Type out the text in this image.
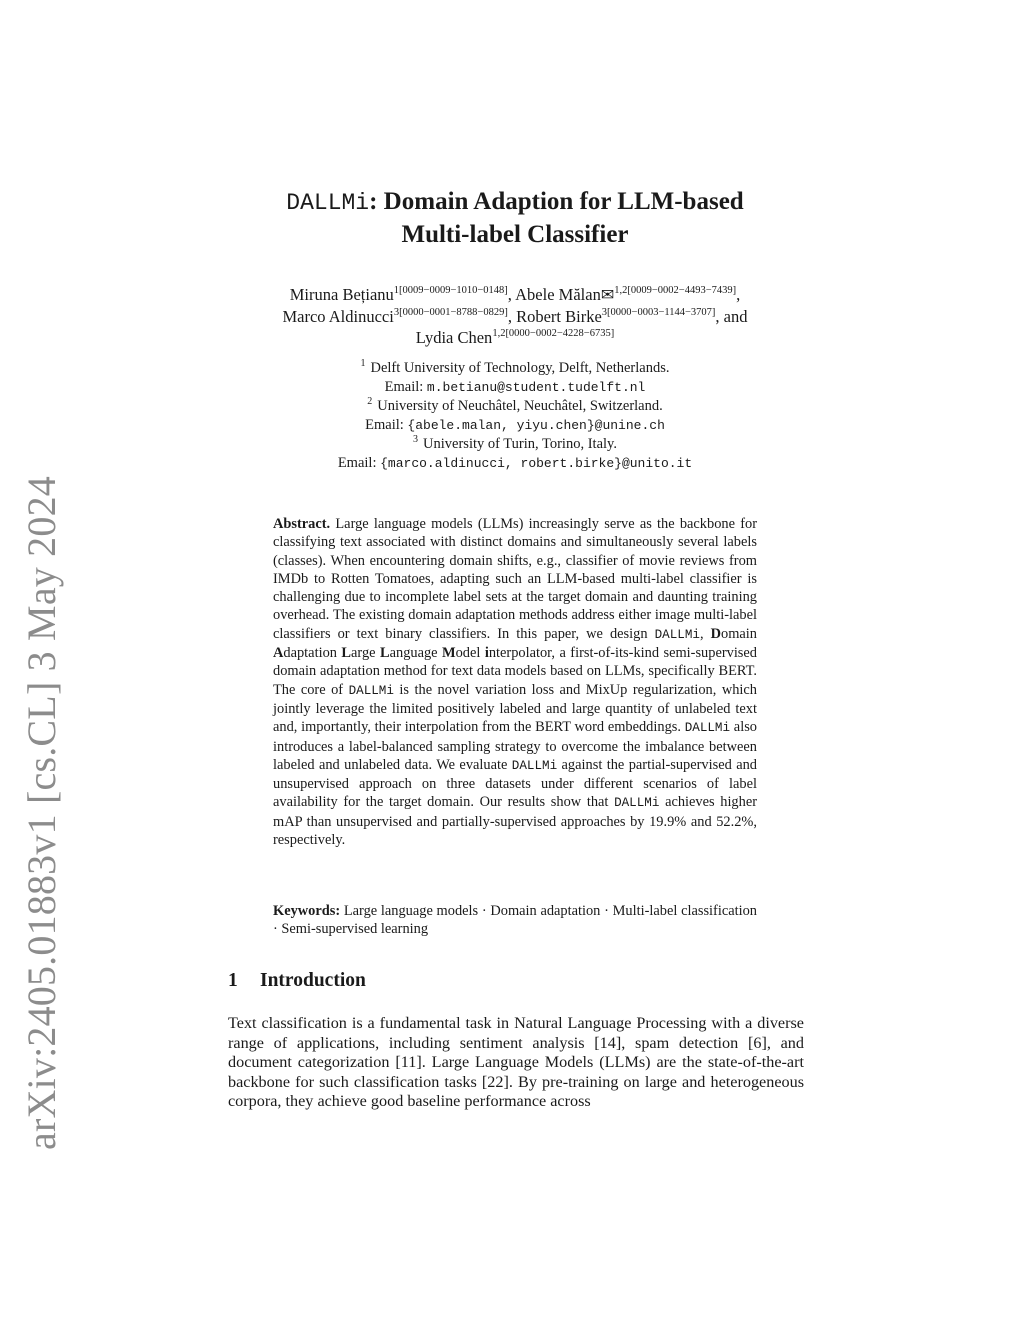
arXiv:2405.01883v1 [cs.CL] 3 May 2024
DALLMi: Domain Adaption for LLM-based
Multi-label Classifier
Miruna Bețianu$^{1[0009-0009-1010-0148]}$, Abele Mălan✉$^{1,2[0009-0002-4493-7439]}$,
Marco Aldinucci$^{3[0000-0001-8788-0829]}$, Robert Birke$^{3[0000-0003-1144-3707]}$, and
Lydia Chen$^{1,2[0000-0002-4228-6735]}$
$^1$ Delft University of Technology, Delft, Netherlands.
Email: m.betianu@student.tudelft.nl
$^2$ University of Neuchâtel, Neuchâtel, Switzerland.
Email: {abele.malan, yiyu.chen}@unine.ch
$^3$ University of Turin, Torino, Italy.
Email: {marco.aldinucci, robert.birke}@unito.it
Abstract. Large language models (LLMs) increasingly serve as the backbone for classifying text associated with distinct domains and simultaneously several labels (classes). When encountering domain shifts, e.g., classifier of movie reviews from IMDb to Rotten Tomatoes, adapting such an LLM-based multi-label classifier is challenging due to incomplete label sets at the target domain and daunting training overhead. The existing domain adaptation methods address either image multi-label classifiers or text binary classifiers. In this paper, we design DALLMi, Domain Adaptation Large Language Model interpolator, a first-of-its-kind semi-supervised domain adaptation method for text data models based on LLMs, specifically BERT. The core of DALLMi is the novel variation loss and MixUp regularization, which jointly leverage the limited positively labeled and large quantity of unlabeled text and, importantly, their interpolation from the BERT word embeddings. DALLMi also introduces a label-balanced sampling strategy to overcome the imbalance between labeled and unlabeled data. We evaluate DALLMi against the partial-supervised and unsupervised approach on three datasets under different scenarios of label availability for the target domain. Our results show that DALLMi achieves higher mAP than unsupervised and partially-supervised approaches by 19.9% and 52.2%, respectively.
Keywords: Large language models · Domain adaptation · Multi-label classification · Semi-supervised learning
1 Introduction
Text classification is a fundamental task in Natural Language Processing with a diverse range of applications, including sentiment analysis [14], spam detection [6], and document categorization [11]. Large Language Models (LLMs) are the state-of-the-art backbone for such classification tasks [22]. By pre-training on large and heterogeneous corpora, they achieve good baseline performance across
